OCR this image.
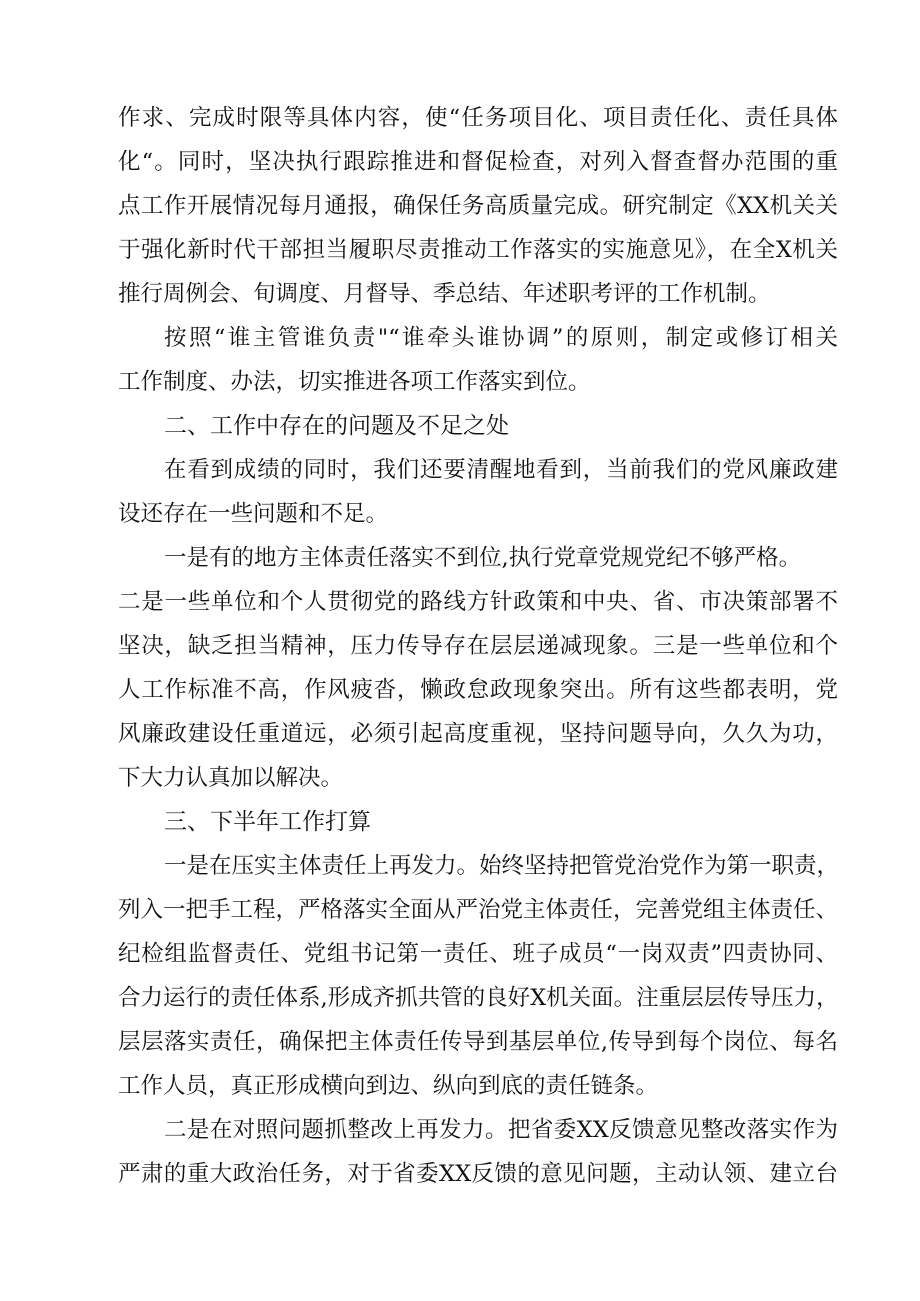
作求、完成时限等具体内容，使“任务项目化、项目责任化、责任具体
化“。同时，坚决执行跟踪推进和督促检查，对列入督查督办范围的重
点工作开展情况每月通报，确保任务高质量完成。研究制定《XX机关关
于强化新时代干部担当履职尽责推动工作落实的实施意见》，在全X机关
推行周例会、旬调度、月督导、季总结、年述职考评的工作机制。
按照“谁主管谁负责"“谁牵头谁协调”的原则，制定或修订相关
工作制度、办法，切实推进各项工作落实到位。
二、工作中存在的问题及不足之处
在看到成绩的同时，我们还要清醒地看到，当前我们的党风廉政建
设还存在一些问题和不足。
一是有的地方主体责任落实不到位,执行党章党规党纪不够严格。
二是一些单位和个人贯彻党的路线方针政策和中央、省、市决策部署不
坚决，缺乏担当精神，压力传导存在层层递减现象。三是一些单位和个
人工作标准不高，作风疲沓，懒政怠政现象突出。所有这些都表明，党
风廉政建设任重道远，必须引起高度重视，坚持问题导向，久久为功，
下大力认真加以解决。
三、下半年工作打算
一是在压实主体责任上再发力。始终坚持把管党治党作为第一职责，
列入一把手工程，严格落实全面从严治党主体责任，完善党组主体责任、
纪检组监督责任、党组书记第一责任、班子成员“一岗双责”四责协同、
合力运行的责任体系,形成齐抓共管的良好X机关面。注重层层传导压力，
层层落实责任，确保把主体责任传导到基层单位,传导到每个岗位、每名
工作人员，真正形成横向到边、纵向到底的责任链条。
二是在对照问题抓整改上再发力。把省委XX反馈意见整改落实作为
严肃的重大政治任务，对于省委XX反馈的意见问题，主动认领、建立台
